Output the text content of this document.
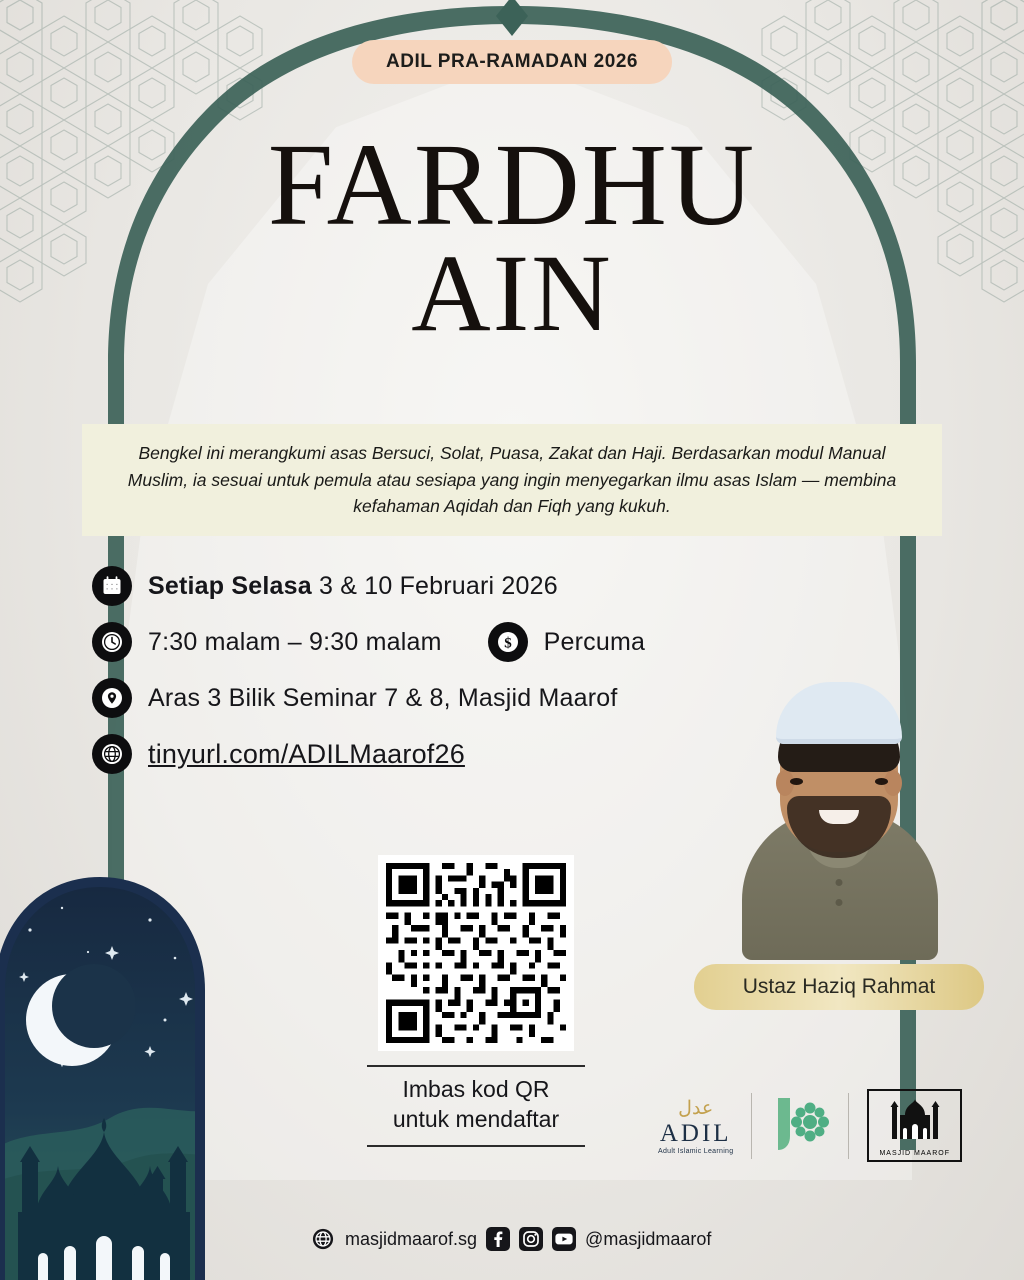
ADIL PRA-RAMADAN 2026
FARDHU
AIN
Bengkel ini merangkumi asas Bersuci, Solat, Puasa, Zakat dan Haji. Berdasarkan modul Manual Muslim, ia sesuai untuk pemula atau sesiapa yang ingin menyegarkan ilmu asas Islam — membina kefahaman Aqidah dan Fiqh yang kukuh.
Setiap Selasa 3 & 10 Februari 2026
7:30 malam – 9:30 malam	$ Percuma
Aras 3 Bilik Seminar 7 & 8, Masjid Maarof
tinyurl.com/ADILMaarof26
Imbas kod QR
untuk mendaftar
Ustaz Haziq Rahmat
عدل
ADIL
Adult Islamic Learning	MASJID MAAROF
masjidmaarof.sg	@masjidmaarof
